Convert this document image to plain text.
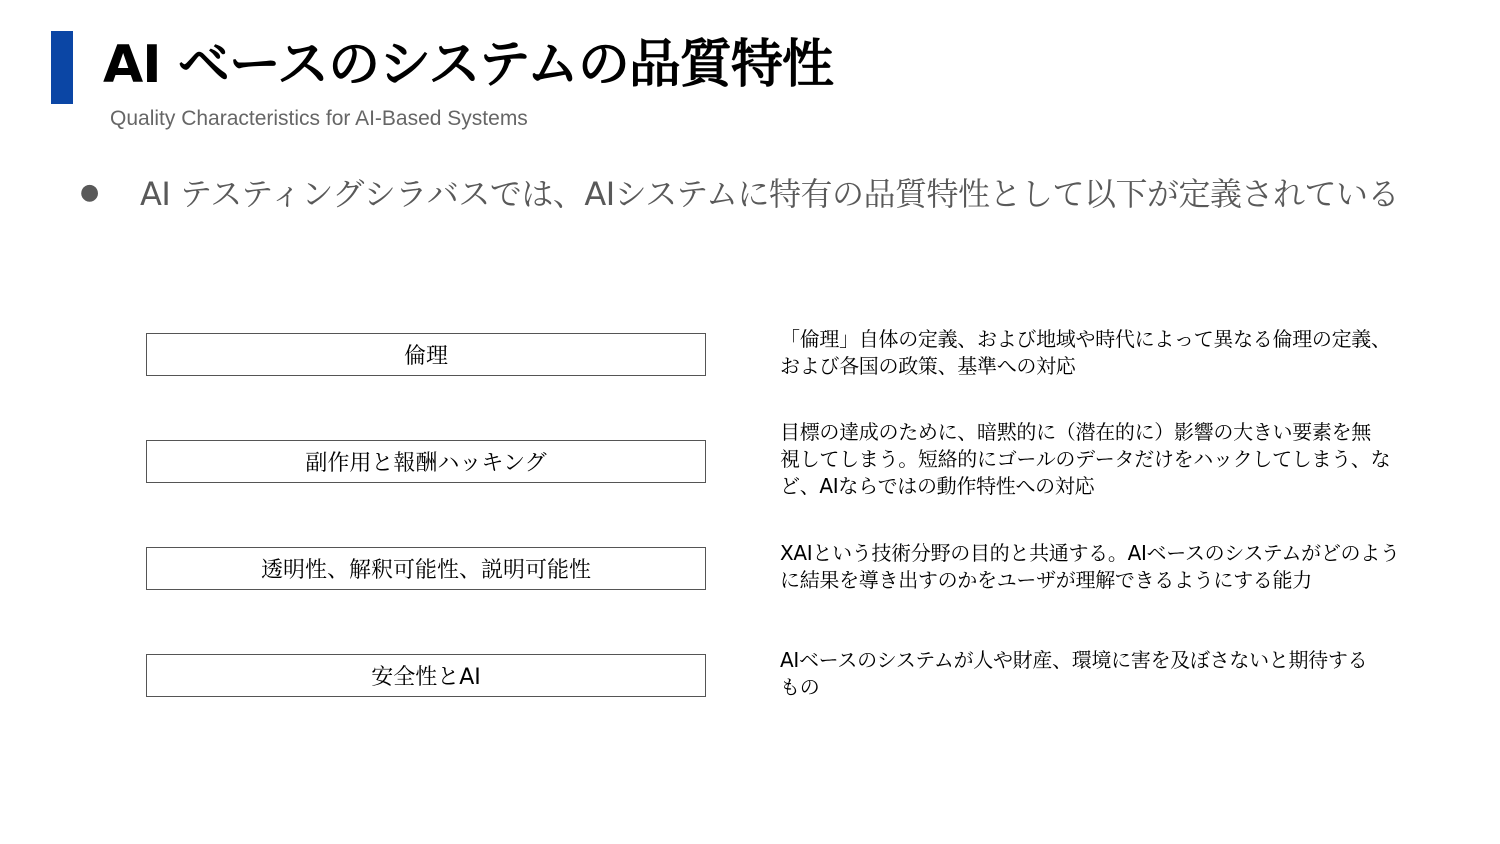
AI ベースのシステムの品質特性
Quality Characteristics for AI-Based Systems
● AI テスティングシラバスでは、AIシステムに特有の品質特性として以下が定義されている
倫理
「倫理」自体の定義、および地域や時代によって異なる倫理の定義、
および各国の政策、基準への対応
副作用と報酬ハッキング
目標の達成のために、暗黙的に（潜在的に）影響の大きい要素を無
視してしまう。短絡的にゴールのデータだけをハックしてしまう、な
ど、AIならではの動作特性への対応
透明性、解釈可能性、説明可能性
XAIという技術分野の目的と共通する。AIベースのシステムがどのよう
に結果を導き出すのかをユーザが理解できるようにする能力
安全性とAI
AIベースのシステムが人や財産、環境に害を及ぼさないと期待する
もの
